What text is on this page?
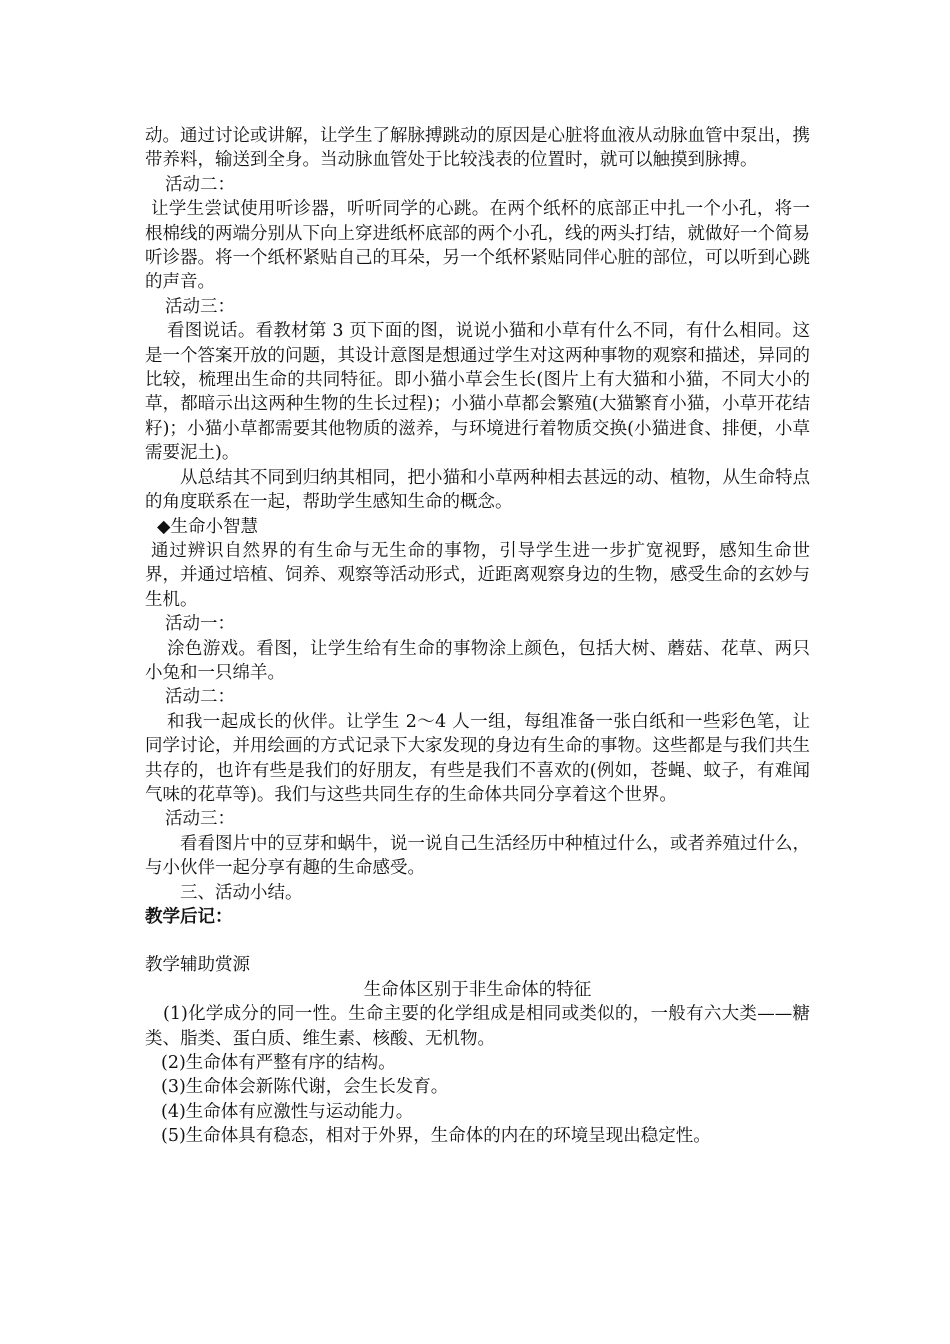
动。通过讨论或讲解，让学生了解脉搏跳动的原因是心脏将血液从动脉血管中泵出，携带养料，输送到全身。当动脉血管处于比较浅表的位置时，就可以触摸到脉搏。

活动二：

让学生尝试使用听诊器，听听同学的心跳。在两个纸杯的底部正中扎一个小孔，将一根棉线的两端分别从下向上穿进纸杯底部的两个小孔，线的两头打结，就做好一个简易听诊器。将一个纸杯紧贴自己的耳朵，另一个纸杯紧贴同伴心脏的部位，可以听到心跳的声音。

活动三：

看图说话。看教材第 3 页下面的图，说说小猫和小草有什么不同，有什么相同。这是一个答案开放的问题，其设计意图是想通过学生对这两种事物的观察和描述，异同的比较，梳理出生命的共同特征。即小猫小草会生长(图片上有大猫和小猫，不同大小的草，都暗示出这两种生物的生长过程)；小猫小草都会繁殖(大猫繁育小猫，小草开花结籽)；小猫小草都需要其他物质的滋养，与环境进行着物质交换(小猫进食、排便，小草需要泥土)。

从总结其不同到归纳其相同，把小猫和小草两种相去甚远的动、植物，从生命特点的角度联系在一起，帮助学生感知生命的概念。

◆生命小智慧

通过辨识自然界的有生命与无生命的事物，引导学生进一步扩宽视野，感知生命世界，并通过培植、饲养、观察等活动形式，近距离观察身边的生物，感受生命的玄妙与生机。

活动一：

涂色游戏。看图，让学生给有生命的事物涂上颜色，包括大树、蘑菇、花草、两只小兔和一只绵羊。

活动二：

和我一起成长的伙伴。让学生 2～4 人一组，每组准备一张白纸和一些彩色笔，让同学讨论，并用绘画的方式记录下大家发现的身边有生命的事物。这些都是与我们共生共存的，也许有些是我们的好朋友，有些是我们不喜欢的(例如，苍蝇、蚊子，有难闻气味的花草等)。我们与这些共同生存的生命体共同分享着这个世界。

活动三：

看看图片中的豆芽和蜗牛，说一说自己生活经历中种植过什么，或者养殖过什么，与小伙伴一起分享有趣的生命感受。

三、活动小结。

教学后记：

教学辅助赏源

生命体区别于非生命体的特征

(1)化学成分的同一性。生命主要的化学组成是相同或类似的，一般有六大类——糖类、脂类、蛋白质、维生素、核酸、无机物。

(2)生命体有严整有序的结构。

(3)生命体会新陈代谢，会生长发育。

(4)生命体有应激性与运动能力。

(5)生命体具有稳态，相对于外界，生命体的内在的环境呈现出稳定性。
